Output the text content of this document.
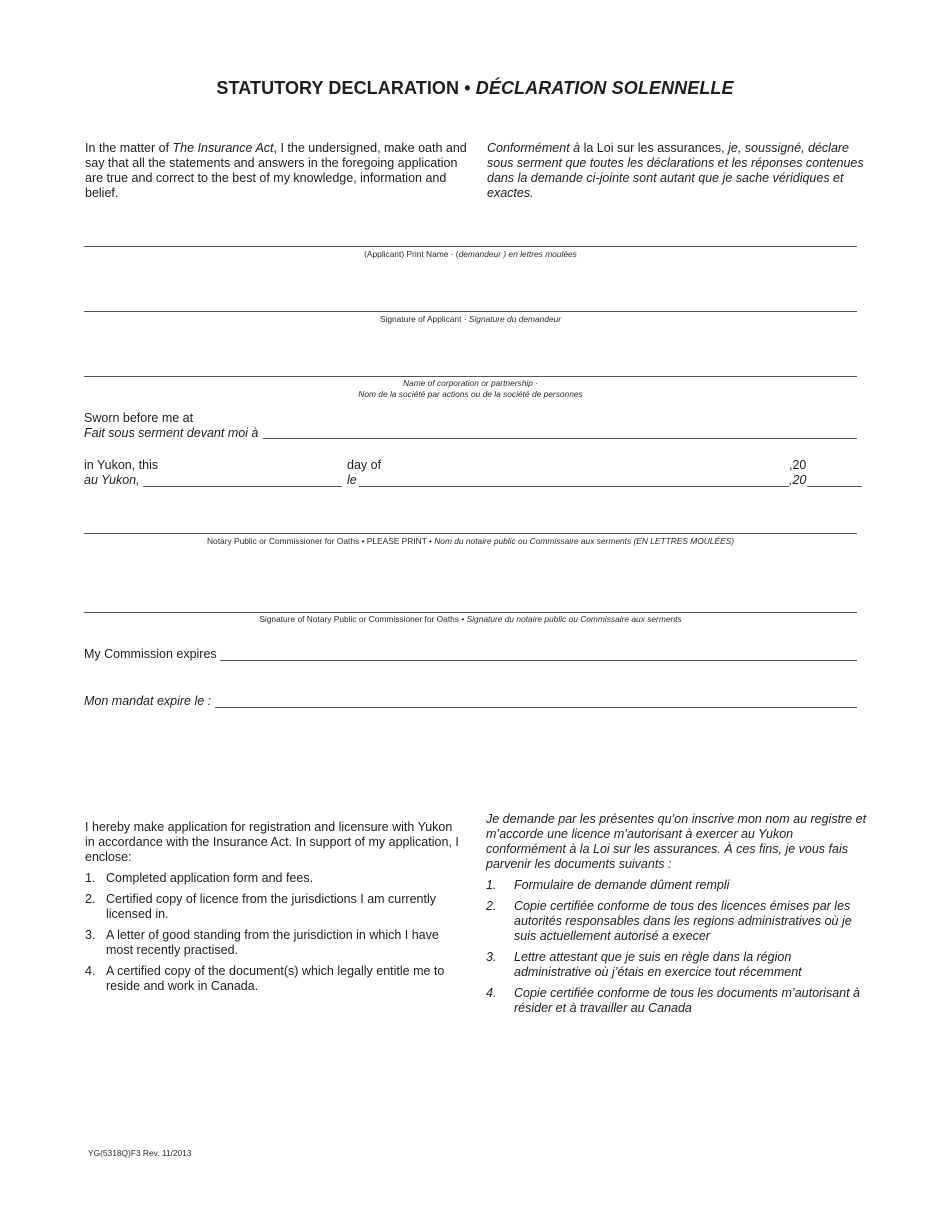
STATUTORY DECLARATION • DÉCLARATION SOLENNELLE
In the matter of The Insurance Act, I the undersigned, make oath and say that all the statements and answers in the foregoing application are true and correct to the best of my knowledge, information and belief.
Conformément à la Loi sur les assurances, je, soussigné, déclare sous serment que toutes les déclarations et les réponses contenues dans la demande ci-jointe sont autant que je sache véridiques et exactes.
(Applicant) Print Name · (demandeur ) en lettres moulées
Signature of Applicant · Signature du demandeur
Name of corporation or partnership ·
Nom de la société par actions ou de la société de personnes
Sworn before me at
Fait sous serment devant moi à
in Yukon, this
au Yukon,
day of
le
,20
,20
Notary Public or Commissioner for Oaths • PLEASE PRINT • Nom du notaire public ou Commissaire aux serments (EN LETTRES MOULÉES)
Signature of Notary Public or Commissioner for Oaths • Signature du notaire public ou Commissaire aux serments
My Commission expires
Mon mandat expire le :
I hereby make application for registration and licensure with Yukon in accordance with the Insurance Act. In support of my application, I enclose:
1. Completed application form and fees.
2. Certified copy of licence from the jurisdictions I am currently licensed in.
3. A letter of good standing from the jurisdiction in which I have most recently practised.
4. A certified copy of the document(s) which legally entitle me to reside and work in Canada.
Je demande par les présentes qu’on inscrive mon nom au registre et m’accorde une licence m’autorisant à exercer au Yukon conformément à la Loi sur les assurances. À ces fins, je vous fais parvenir les documents suivants :
1. Formulaire de demande dûment rempli
2. Copie certifiée conforme de tous des licences émises par les autorités responsables dans les regions administratives où je suis actuellement autorisé a execer
3. Lettre attestant que je suis en règle dans la région administrative où j’étais en exercice tout récemment
4. Copie certifiée conforme de tous les documents m’autorisant à résider et à travailler au Canada
YG(5318Q)F3 Rev. 11/2013
